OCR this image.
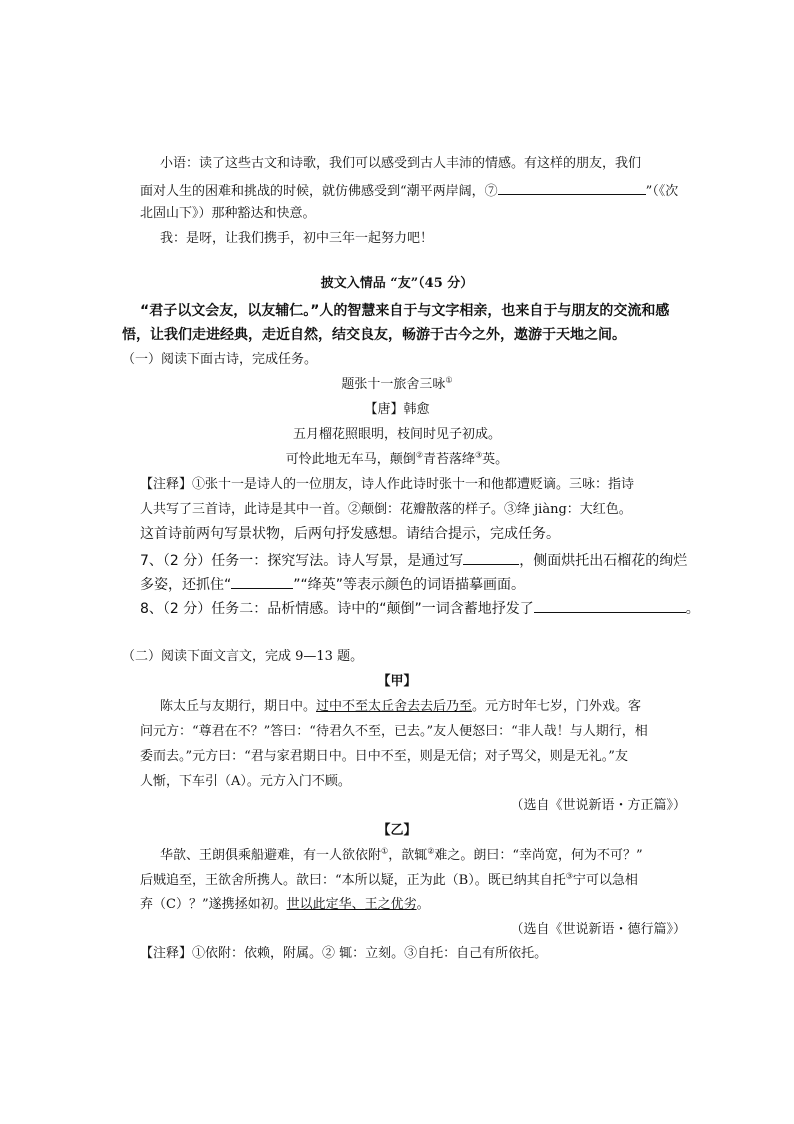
小语：读了这些古文和诗歌，我们可以感受到古人丰沛的情感。有这样的朋友，我们
面对人生的困难和挑战的时候，就仿佛感受到“潮平两岸阔，⑦	”（《次
北固山下》）那种豁达和快意。
我：是呀，让我们携手，初中三年一起努力吧！
披文入情品 “友”（45 分）
“君子以文会友，以友辅仁。”人的智慧来自于与文字相亲，也来自于与朋友的交流和感
悟，让我们走进经典，走近自然，结交良友，畅游于古今之外，遨游于天地之间。
（一）阅读下面古诗，完成任务。
题张十一旅舍三咏①
【唐】韩愈
五月榴花照眼明，枝间时见子初成。
可怜此地无车马，颠倒②青苔落绛③英。
【注释】①张十一是诗人的一位朋友，诗人作此诗时张十一和他都遭贬谪。三咏：指诗
人共写了三首诗，此诗是其中一首。②颠倒：花瓣散落的样子。③绛 jiàng：大红色。
这首诗前两句写景状物，后两句抒发感想。请结合提示，完成任务。
7、（2 分）任务一：探究写法。诗人写景，是通过写	，侧面烘托出石榴花的绚烂
多姿，还抓住“	”“绛英”等表示颜色的词语描摹画面。
8、（2 分）任务二：品析情感。诗中的“颠倒”一词含蓄地抒发了	。
（二）阅读下面文言文，完成 9—13 题。
【甲】
陈太丘与友期行，期日中。过中不至太丘舍去去后乃至。元方时年七岁，门外戏。客
问元方：“尊君在不？”答曰：“待君久不至，已去。”友人便怒曰：“非人哉！与人期行，相
委而去。”元方曰：“君与家君期日中。日中不至，则是无信；对子骂父，则是无礼。”友
人惭，下车引（A）。元方入门不顾。
（选自《世说新语・方正篇》）
【乙】
华歆、王朗俱乘船避难，有一人欲依附①，歆辄②难之。朗曰：“幸尚宽，何为不可？”
后贼追至，王欲舍所携人。歆曰：“本所以疑，正为此（B）。既已纳其自托③宁可以急相
弃（C）？”遂携拯如初。世以此定华、王之优劣。
（选自《世说新语・德行篇》）
【注释】①依附：依赖，附属。② 辄：立刻。③自托：自己有所依托。
